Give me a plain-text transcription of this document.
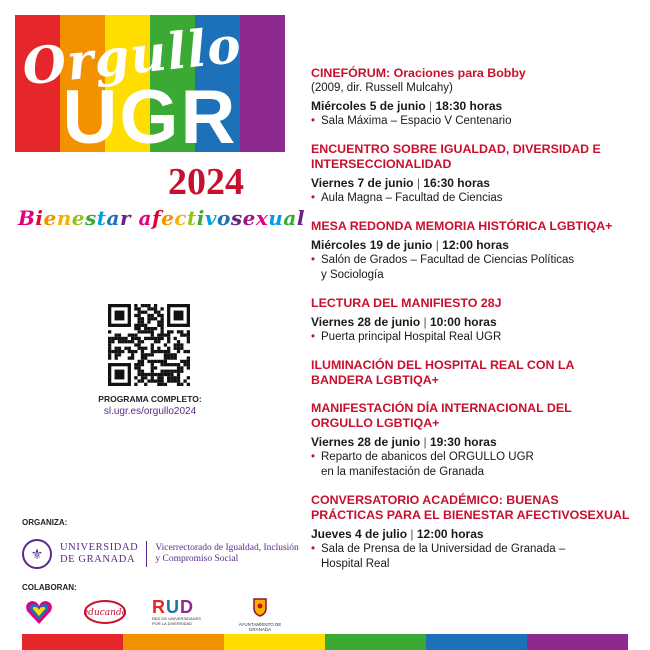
Orgullo
UGR
2024
Bienestar afectivosexual
PROGRAMA COMPLETO:
sl.ugr.es/orgullo2024
ORGANIZA:
⚜	UNIVERSIDAD
DE GRANADA
Vicerrectorado de Igualdad, Inclusión
y Compromiso Social
COLABORAN:
educando RUD
RED DE UNIVERSIDADES POR LA DIVERSIDAD	AYUNTAMIENTO DE GRANADA
CINEFÓRUM: Oraciones para Bobby
(2009, dir. Russell Mulcahy)
Miércoles 5 de junio | 18:30 horas
• Sala Máxima – Espacio V Centenario
ENCUENTRO SOBRE IGUALDAD, DIVERSIDAD E INTERSECCIONALIDAD
Viernes 7 de junio | 16:30 horas
• Aula Magna – Facultad de Ciencias
MESA REDONDA MEMORIA HISTÓRICA LGBTIQA+
Miércoles 19 de junio | 12:00 horas
• Salón de Grados – Facultad de Ciencias Políticas
y Sociología
LECTURA DEL MANIFIESTO 28J
Viernes 28 de junio | 10:00 horas
• Puerta principal Hospital Real UGR
ILUMINACIÓN DEL HOSPITAL REAL CON LA BANDERA LGBTIQA+
MANIFESTACIÓN DÍA INTERNACIONAL DEL ORGULLO LGBTIQA+
Viernes 28 de junio | 19:30 horas
• Reparto de abanicos del ORGULLO UGR
en la manifestación de Granada
CONVERSATORIO ACADÉMICO: BUENAS PRÁCTICAS PARA EL BIENESTAR AFECTIVOSEXUAL
Jueves 4 de julio | 12:00 horas
• Sala de Prensa de la Universidad de Granada –
Hospital Real
